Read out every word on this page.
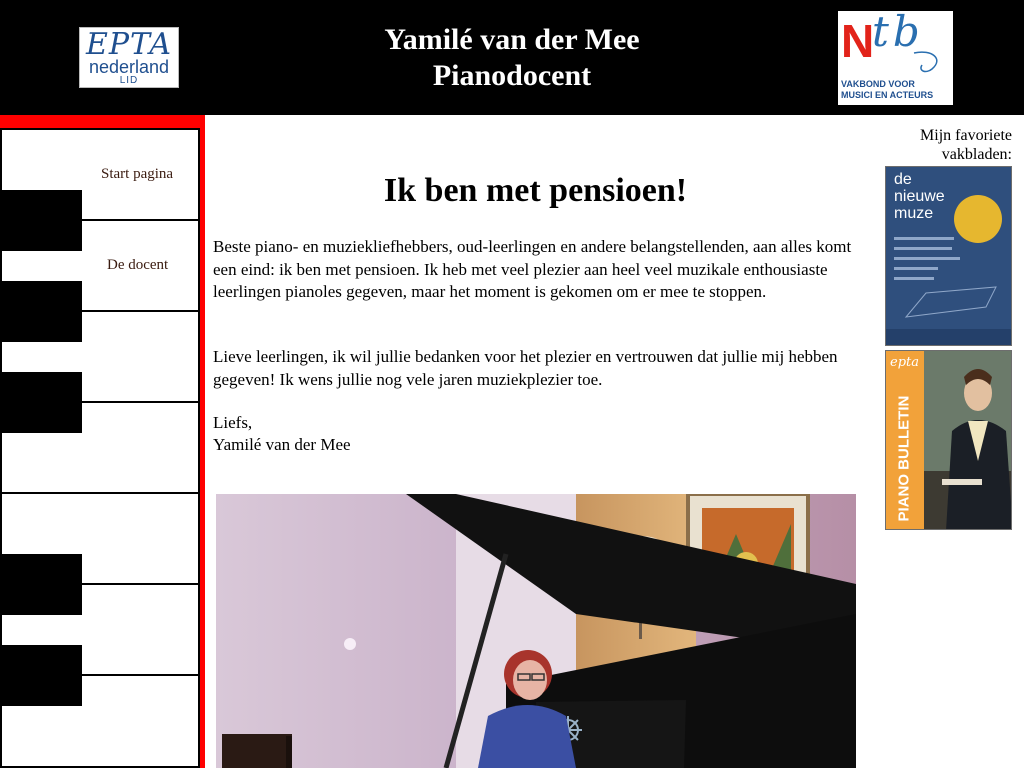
EPTA
nederland
LID
Yamilé van der Mee
Pianodocent
N
tb
VAKBOND VOOR
MUSICI EN ACTEURS
Start pagina
De docent
Ik ben met pensioen!

Beste piano- en muziekliefhebbers, oud-leerlingen en andere belangstellenden, aan alles komt een eind: ik ben met pensioen. Ik heb met veel plezier aan heel veel muzikale enthousiaste leerlingen pianoles gegeven, maar het moment is gekomen om er mee te stoppen.

Lieve leerlingen, ik wil jullie bedanken voor het plezier en vertrouwen dat jullie mij hebben gegeven! Ik wens jullie nog vele jaren muziekplezier toe.

Liefs,

Yamilé van der Mee

Mijn favoriete
vakbladen:
de nieuwe muze
epta
PIANO BULLETIN
